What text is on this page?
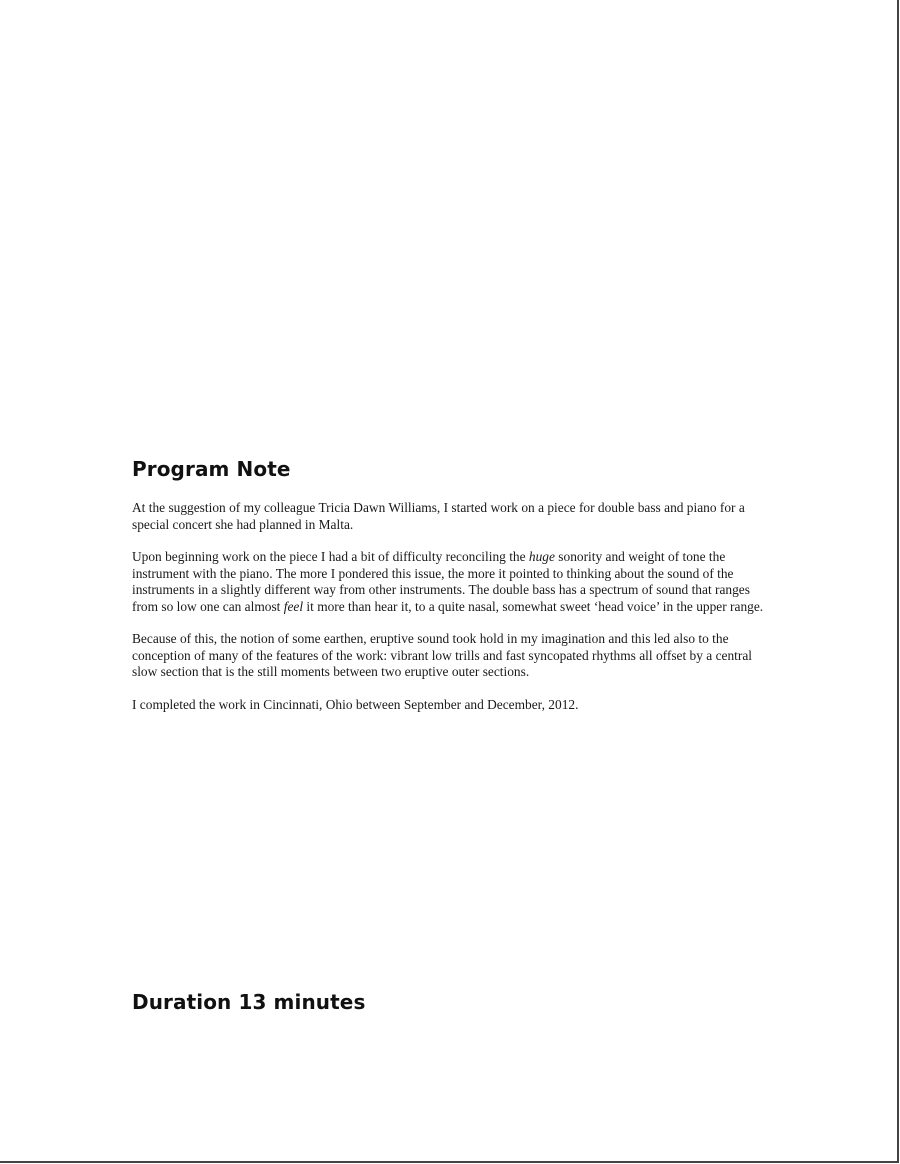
Program Note

At the suggestion of my colleague Tricia Dawn Williams, I started work on a piece for double bass and piano for a special concert she had planned in Malta.

Upon beginning work on the piece I had a bit of difficulty reconciling the huge sonority and weight of tone the instrument with the piano. The more I pondered this issue, the more it pointed to thinking about the sound of the instruments in a slightly different way from other instruments. The double bass has a spectrum of sound that ranges from so low one can almost feel it more than hear it, to a quite nasal, somewhat sweet ‘head voice’ in the upper range.

Because of this, the notion of some earthen, eruptive sound took hold in my imagination and this led also to the conception of many of the features of the work: vibrant low trills and fast syncopated rhythms all offset by a central slow section that is the still moments between two eruptive outer sections.

I completed the work in Cincinnati, Ohio between September and December, 2012.

Duration 13 minutes
